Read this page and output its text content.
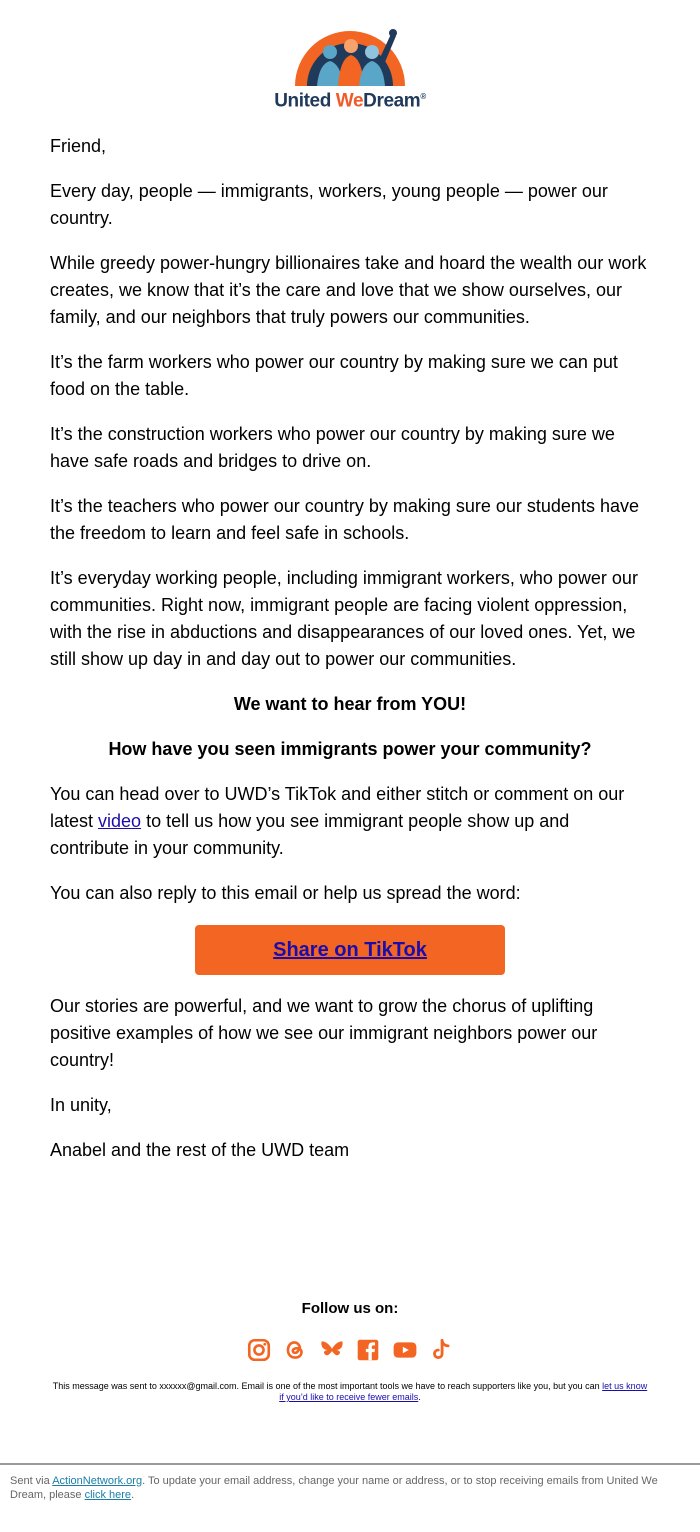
United WeDream®

Friend,

Every day, people — immigrants, workers, young people — power our country.

While greedy power-hungry billionaires take and hoard the wealth our work creates, we know that it’s the care and love that we show ourselves, our family, and our neighbors that truly powers our communities.

It’s the farm workers who power our country by making sure we can put food on the table.

It’s the construction workers who power our country by making sure we have safe roads and bridges to drive on.

It’s the teachers who power our country by making sure our students have the freedom to learn and feel safe in schools.

It’s everyday working people, including immigrant workers, who power our communities. Right now, immigrant people are facing violent oppression, with the rise in abductions and disappearances of our loved ones. Yet, we still show up day in and day out to power our communities.

We want to hear from YOU!

How have you seen immigrants power your community?

You can head over to UWD’s TikTok and either stitch or comment on our latest video to tell us how you see immigrant people show up and contribute in your community.

You can also reply to this email or help us spread the word:

Share on TikTok

Our stories are powerful, and we want to grow the chorus of uplifting positive examples of how we see our immigrant neighbors power our country!

In unity,

Anabel and the rest of the UWD team

Follow us on:

This message was sent to xxxxxx@gmail.com. Email is one of the most important tools we have to reach supporters like you, but you can let us know if you’d like to receive fewer emails.
Sent via ActionNetwork.org. To update your email address, change your name or address, or to stop receiving emails from United We Dream, please click here.
